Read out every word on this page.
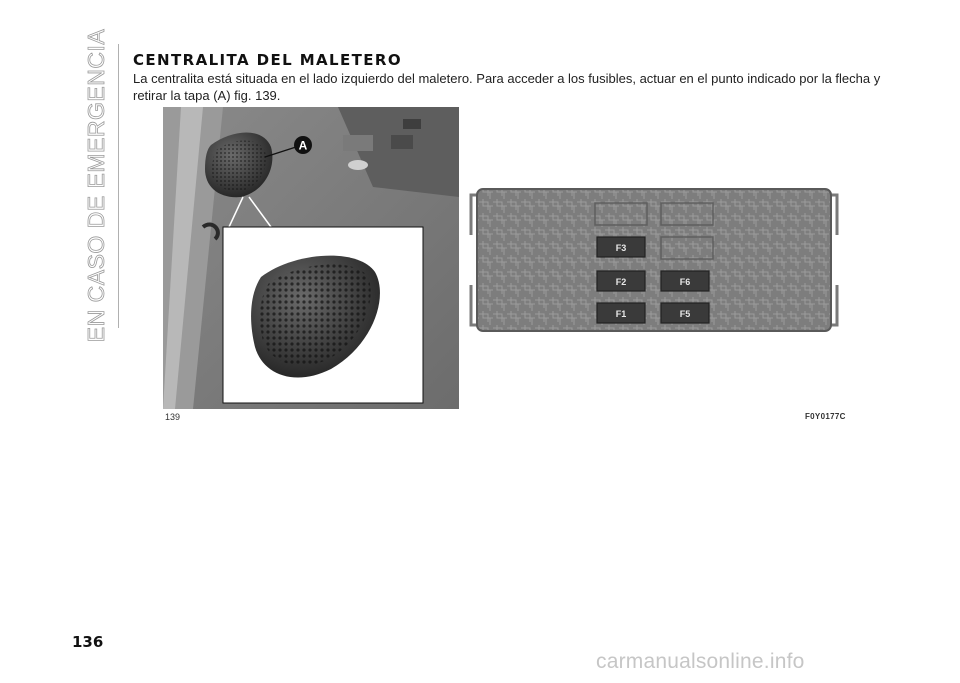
EN CASO DE EMERGENCIA CENTRALITA DEL MALETERO

La centralita está situada en el lado izquierdo del maletero. Para acceder a los fusibles, actuar en el punto indicado por la flecha y retirar la tapa (A) fig. 139.

A
F3
F2	F6
F1	F5
139	F0Y0177C
136
carmanualsonline.info
